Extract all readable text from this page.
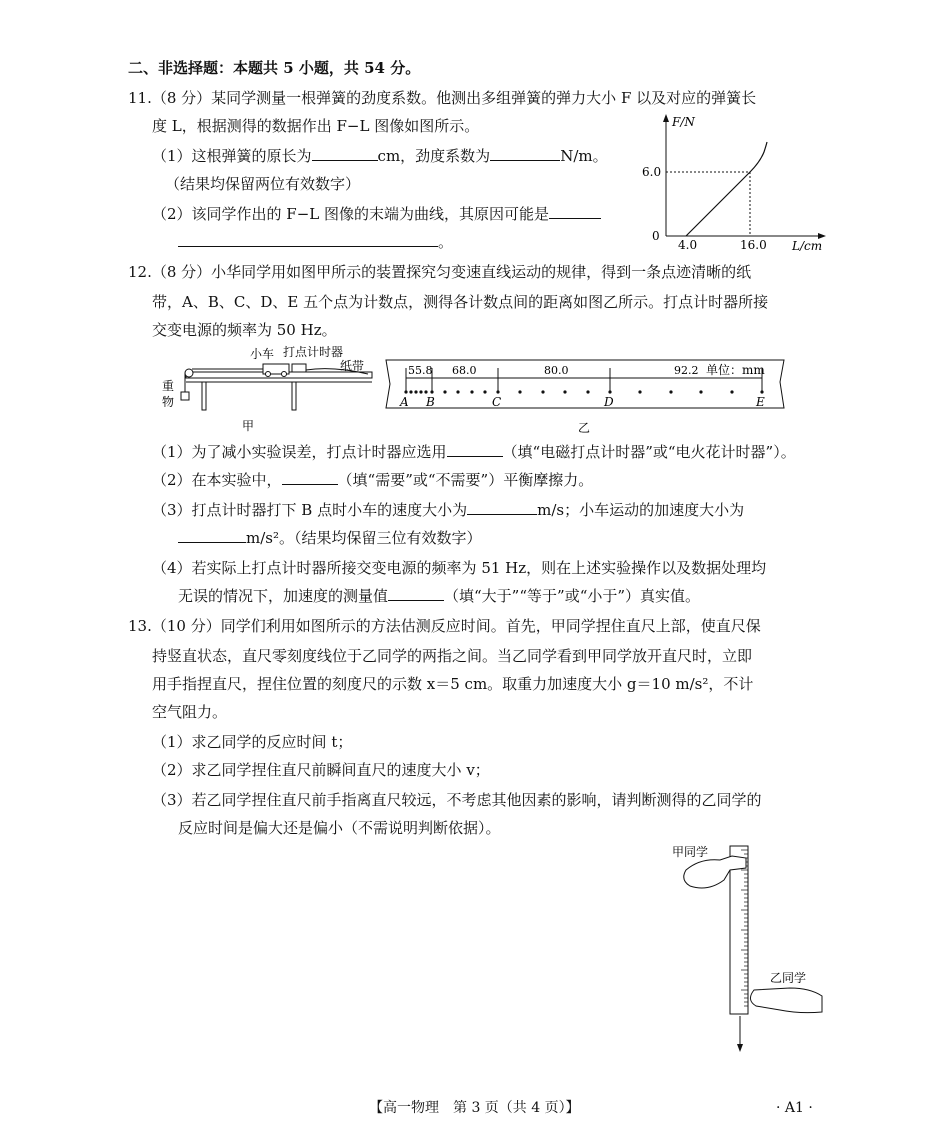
二、非选择题：本题共 5 小题，共 54 分。
11.（8 分）某同学测量一根弹簧的劲度系数。他测出多组弹簧的弹力大小 F 以及对应的弹簧长
度 L，根据测得的数据作出 F−L 图像如图所示。
（1）这根弹簧的原长为	cm，劲度系数为	N/m。
（结果均保留两位有效数字）
（2）该同学作出的 F−L 图像的末端为曲线，其原因可能是
。
F/N
L/cm
0
6.0
4.0	16.0
12.（8 分）小华同学用如图甲所示的装置探究匀变速直线运动的规律，得到一条点迹清晰的纸
带，A、B、C、D、E 五个点为计数点，测得各计数点间的距离如图乙所示。打点计时器所接
交变电源的频率为 50 Hz。
小车 打点计时器
纸带
重
物
甲
单位：mm
55.8 68.0	80.0	92.2
A B	C	D	E
乙
（1）为了减小实验误差，打点计时器应选用	（填“电磁打点计时器”或“电火花计时器”）。
（2）在本实验中，	（填“需要”或“不需要”）平衡摩擦力。
（3）打点计时器打下 B 点时小车的速度大小为	m/s；小车运动的加速度大小为
m/s²。（结果均保留三位有效数字）
（4）若实际上打点计时器所接交变电源的频率为 51 Hz，则在上述实验操作以及数据处理均
无误的情况下，加速度的测量值	（填“大于”“等于”或“小于”）真实值。
13.（10 分）同学们利用如图所示的方法估测反应时间。首先，甲同学捏住直尺上部，使直尺保
持竖直状态，直尺零刻度线位于乙同学的两指之间。当乙同学看到甲同学放开直尺时，立即
用手指捏直尺，捏住位置的刻度尺的示数 x＝5 cm。取重力加速度大小 g＝10 m/s²，不计
空气阻力。
（1）求乙同学的反应时间 t；
（2）求乙同学捏住直尺前瞬间直尺的速度大小 v；
（3）若乙同学捏住直尺前手指离直尺较远，不考虑其他因素的影响，请判断测得的乙同学的
反应时间是偏大还是偏小（不需说明判断依据）。
甲同学
乙同学
【高一物理　第 3 页（共 4 页）】	· A1 ·
